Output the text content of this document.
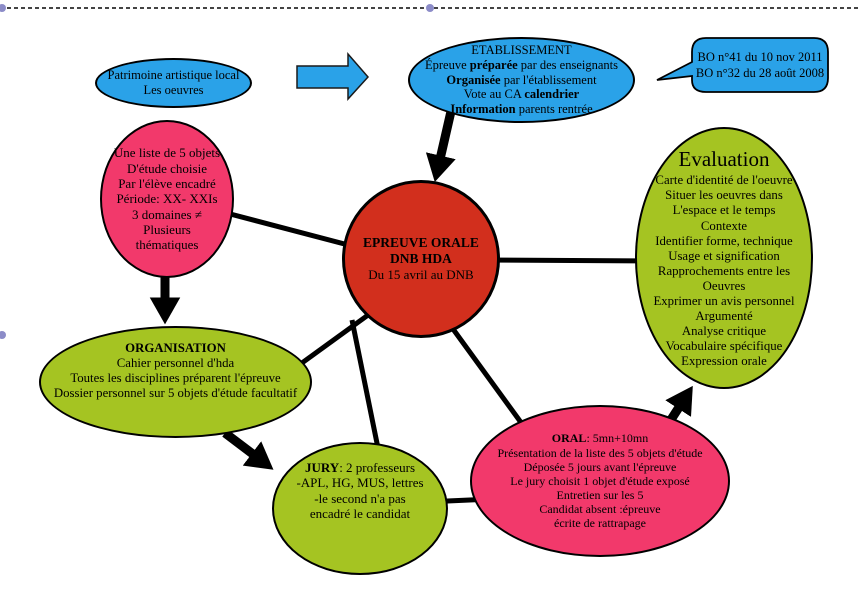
Patrimoine artistique local
Les oeuvres
ETABLISSEMENT
Épreuve préparée par des enseignants
Organisée par l'établissement
Vote au CA calendrier
Information parents rentrée
BO n°41 du 10 nov 2011
BO n°32 du 28 août 2008
Une liste de 5 objets
D'étude choisie
Par l'élève encadré
Période: XX- XXIs
3 domaines ≠
Plusieurs
thématiques	EPREUVE ORALE
DNB HDA
Du 15 avril au DNB
Evaluation
Carte d'identité de l'oeuvre
Situer les oeuvres dans
L'espace et le temps
Contexte
Identifier forme, technique
Usage et signification
Rapprochements entre les
Oeuvres
Exprimer un avis personnel
Argumenté
Analyse critique
Vocabulaire spécifique
Expression orale
ORGANISATION
Cahier personnel d'hda
Toutes les disciplines préparent l'épreuve
Dossier personnel sur 5 objets d'étude facultatif
JURY: 2 professeurs
-APL, HG, MUS, lettres
-le second n'a pas
encadré le candidat
ORAL: 5mn+10mn
Présentation de la liste des 5 objets d'étude
Déposée 5 jours avant l'épreuve
Le jury choisit 1 objet d'étude exposé
Entretien sur les 5
Candidat absent :épreuve
écrite de rattrapage
